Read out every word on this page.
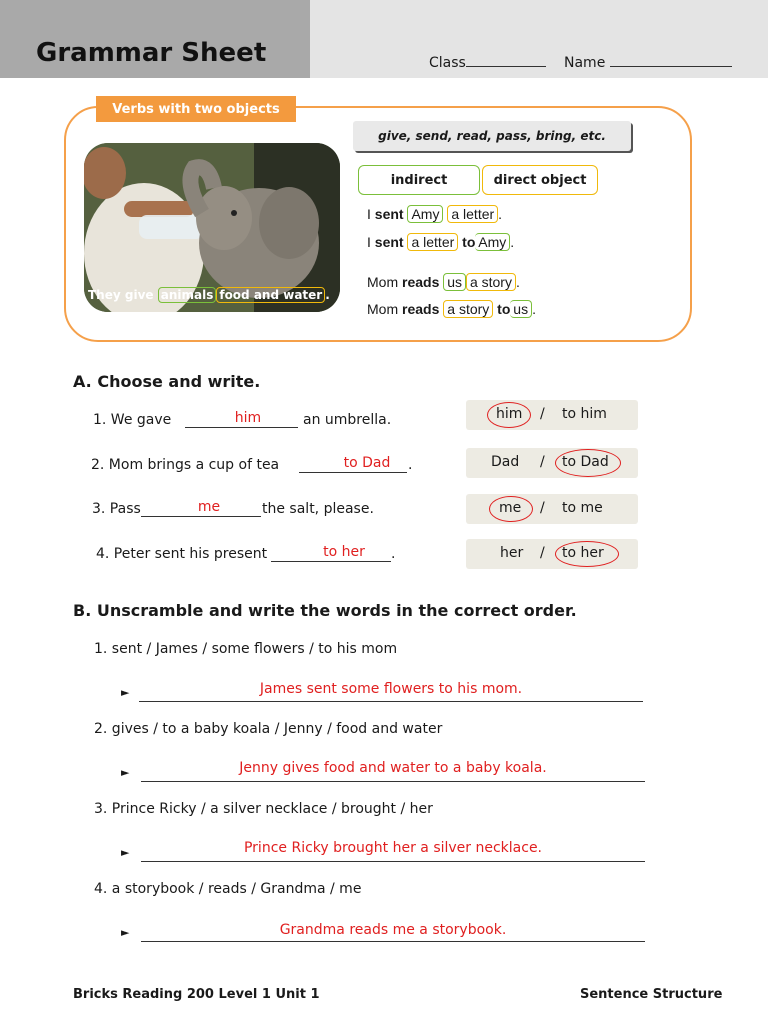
Grammar Sheet	Class	Name
Verbs with two objects
They give animals food and water .
give, send, read, pass, bring, etc.
indirect	direct object
I sent Amy a letter .
I sent a letter to Amy .
Mom reads us a story .
Mom reads a story to us .
A. Choose and write.
1. We gave	him	an umbrella.	him / to him
2. Mom brings a cup of tea	to Dad	.	Dad / to Dad
3. Pass	me	the salt, please.	me / to me
4. Peter sent his present	to her	.	her / to her
B. Unscramble and write the words in the correct order.
1. sent / James / some flowers / to his mom
►	James sent some flowers to his mom.
2. gives / to a baby koala / Jenny / food and water
►	Jenny gives food and water to a baby koala.
3. Prince Ricky / a silver necklace / brought / her
►	Prince Ricky brought her a silver necklace.
4. a storybook / reads / Grandma / me
►	Grandma reads me a storybook.
Bricks Reading 200 Level 1 Unit 1	Sentence Structure
